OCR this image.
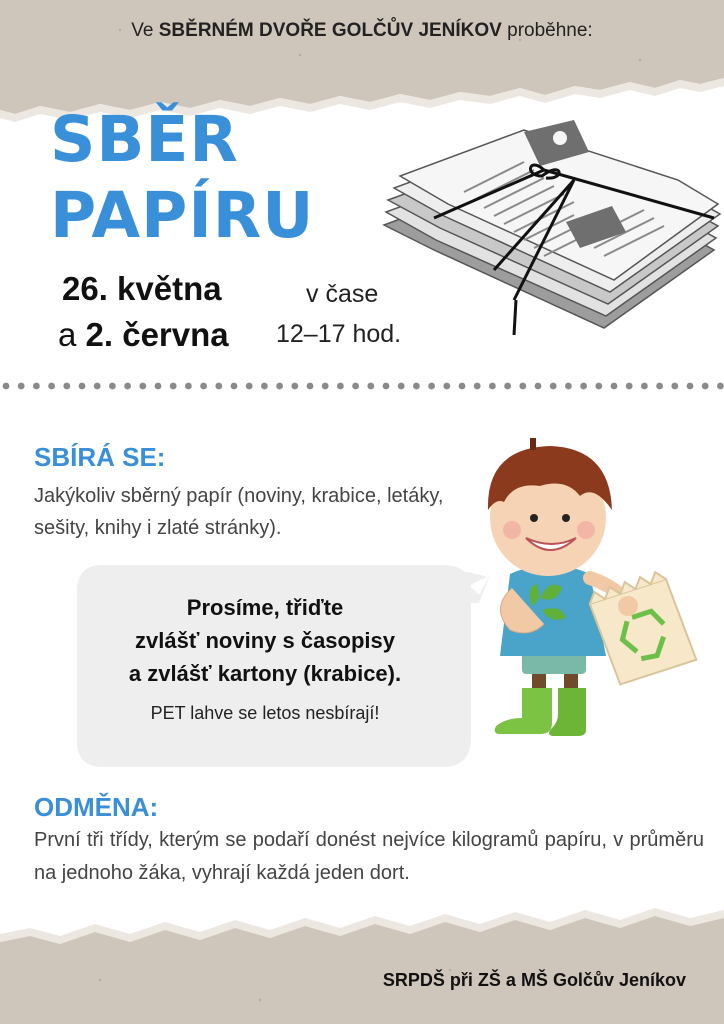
Ve SBĚRNÉM DVOŘE GOLČŮV JENÍKOV proběhne:
SBĚR
PAPÍRU
26. května
a 2. června
v čase
12–17 hod.
SBÍRÁ SE:
Jakýkoliv sběrný papír (noviny, krabice, letáky, sešity, knihy i zlaté stránky).
Prosíme, třiďte
zvlášť noviny s časopisy
a zvlášť kartony (krabice).
PET lahve se letos nesbírají!
ODMĚNA:
První tři třídy, kterým se podaří donést nejvíce kilogramů papíru, v průměru na jednoho žáka, vyhrají každá jeden dort.
SRPDŠ při ZŠ a MŠ Golčův Jeníkov
